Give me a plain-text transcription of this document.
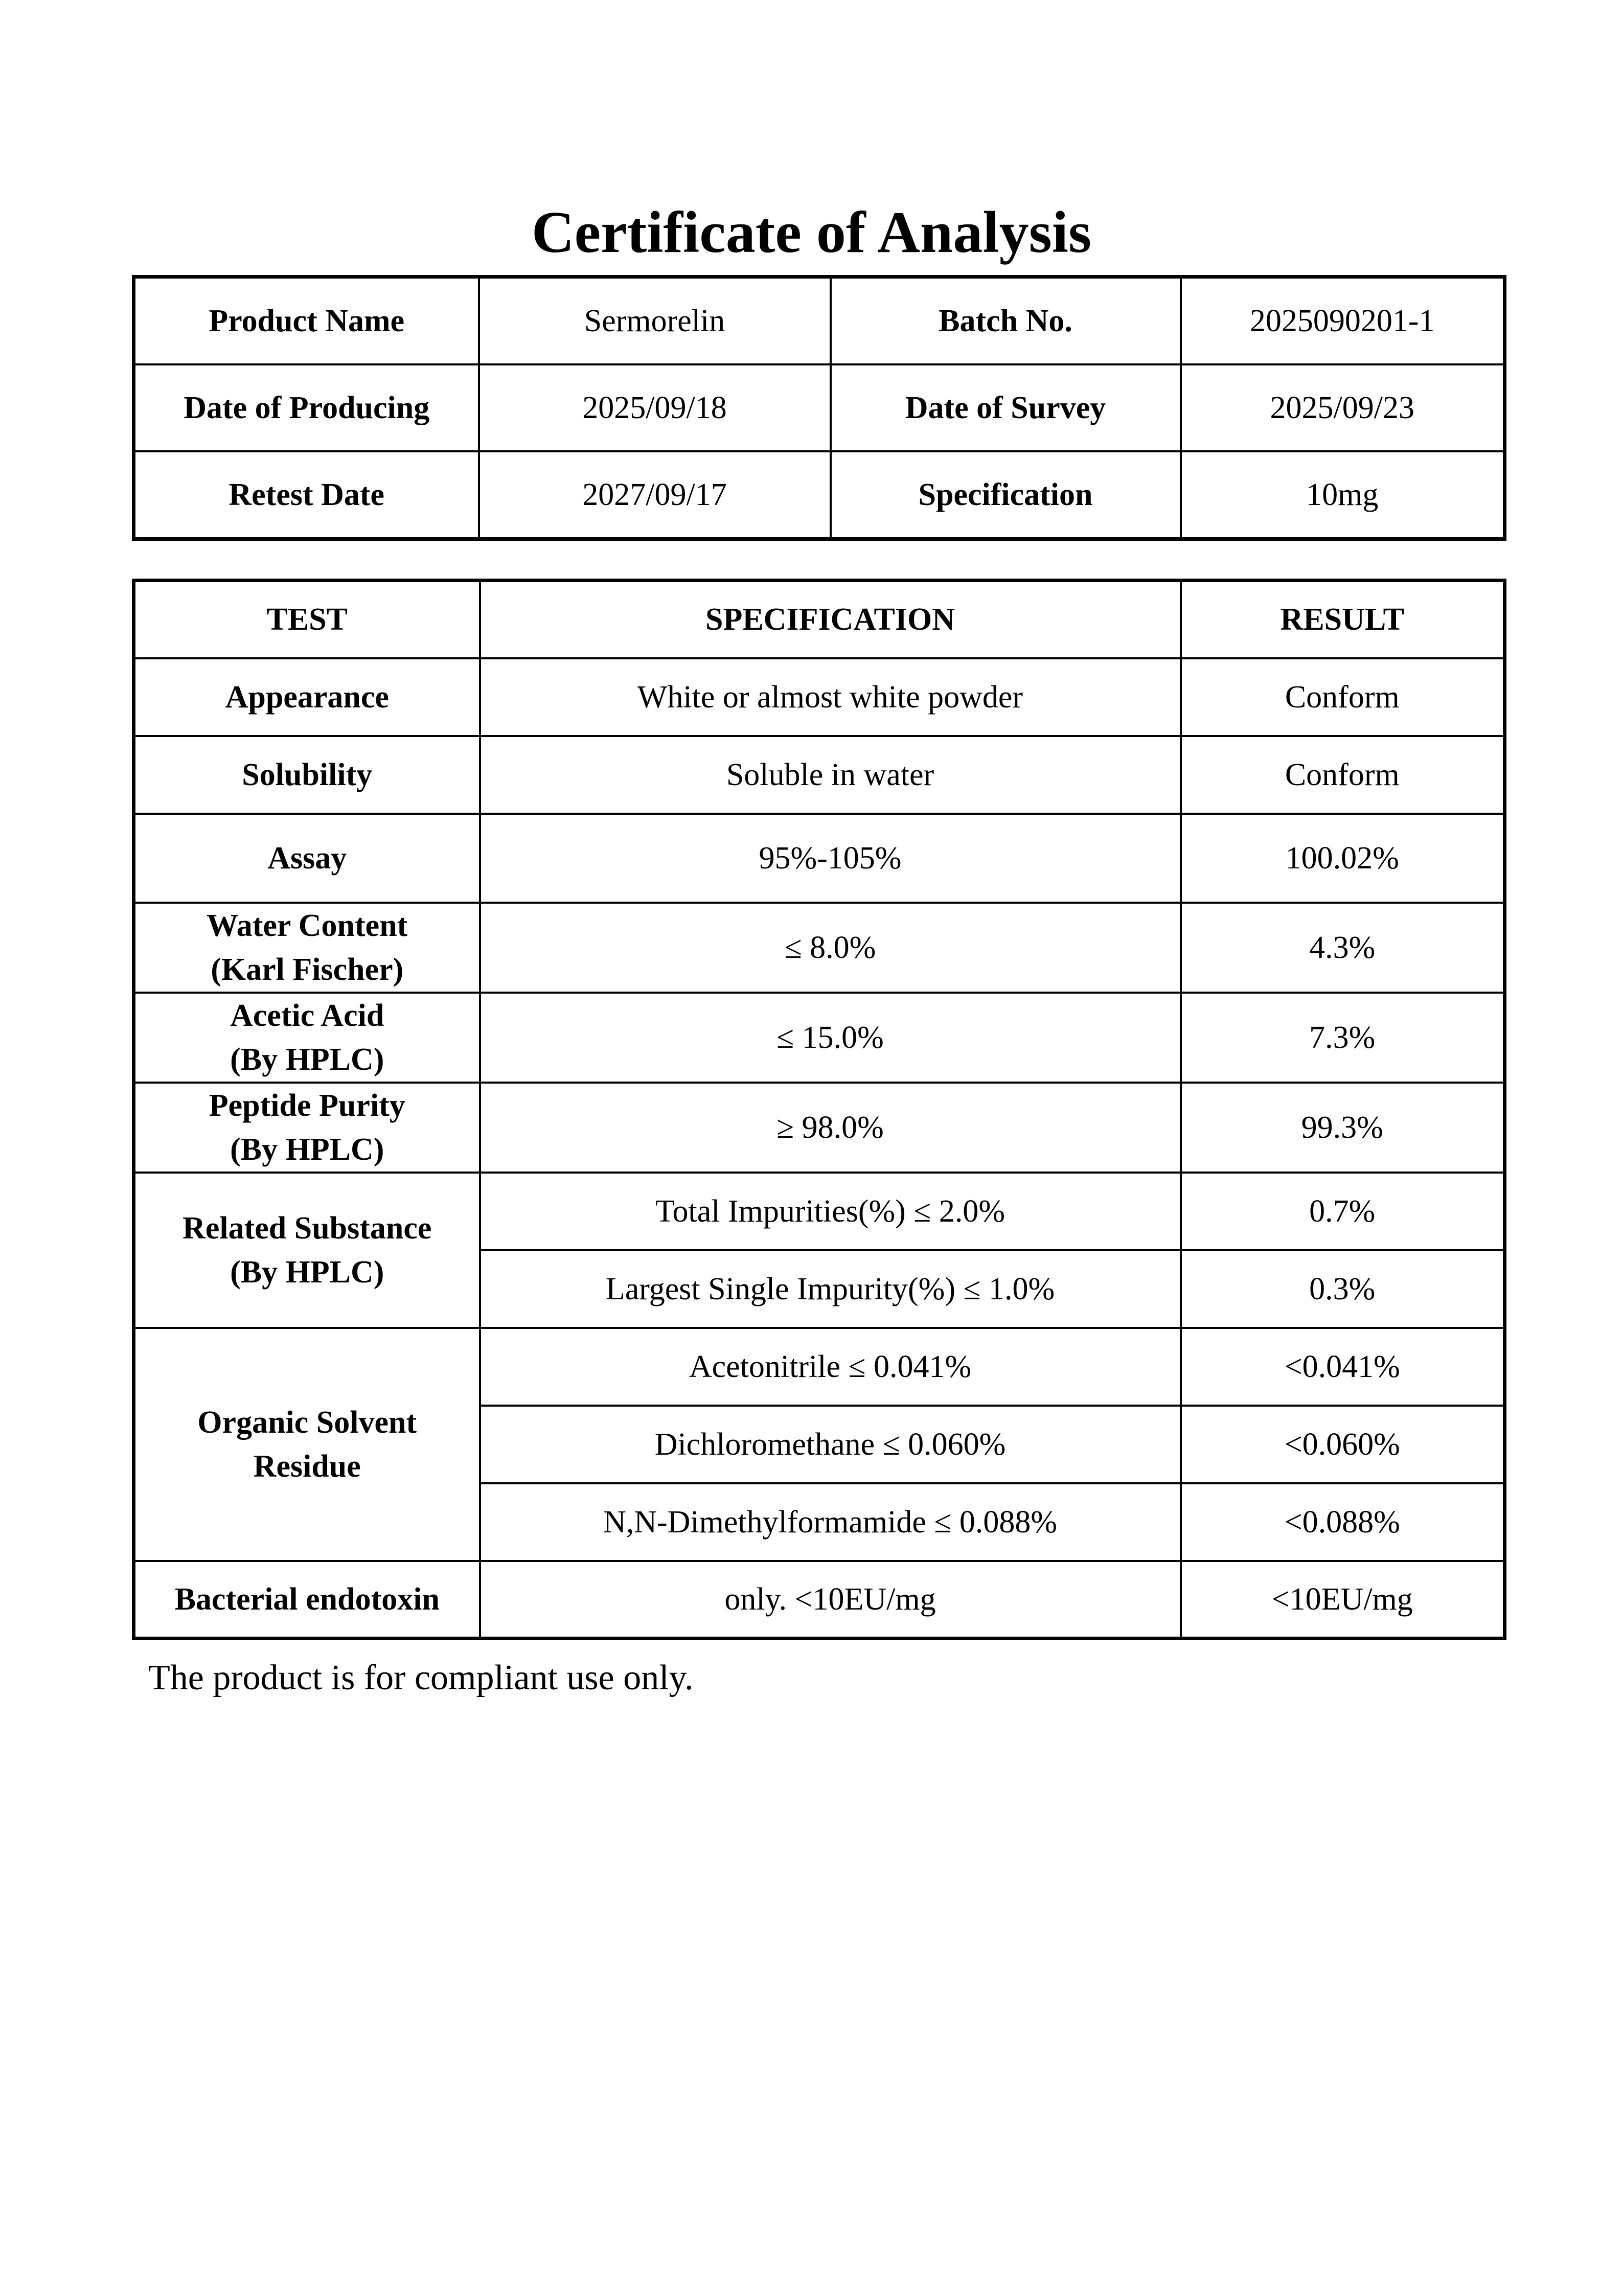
Certificate of Analysis
Product Name	Sermorelin	Batch No.	2025090201-1
Date of Producing	2025/09/18	Date of Survey	2025/09/23
Retest Date	2027/09/17	Specification	10mg
TEST	SPECIFICATION	RESULT
Appearance	White or almost white powder	Conform
Solubility	Soluble in water	Conform
Assay	95%-105%	100.02%

Water Content
(Karl Fischer)	≤ 8.0%	4.3%

Acetic Acid
(By HPLC)	≤ 15.0%	7.3%

Peptide Purity
(By HPLC)	≥ 98.0%	99.3%

Related Substance
(By HPLC)	Total Impurities(%) ≤ 2.0%	0.7%
	Largest Single Impurity(%) ≤ 1.0%	0.3%

Organic Solvent
Residue	Acetonitrile ≤ 0.041%	<0.041%
	Dichloromethane ≤ 0.060%	<0.060%
	N,N-Dimethylformamide ≤ 0.088%	<0.088%
Bacterial endotoxin	only. <10EU/mg	<10EU/mg
The product is for compliant use only.
